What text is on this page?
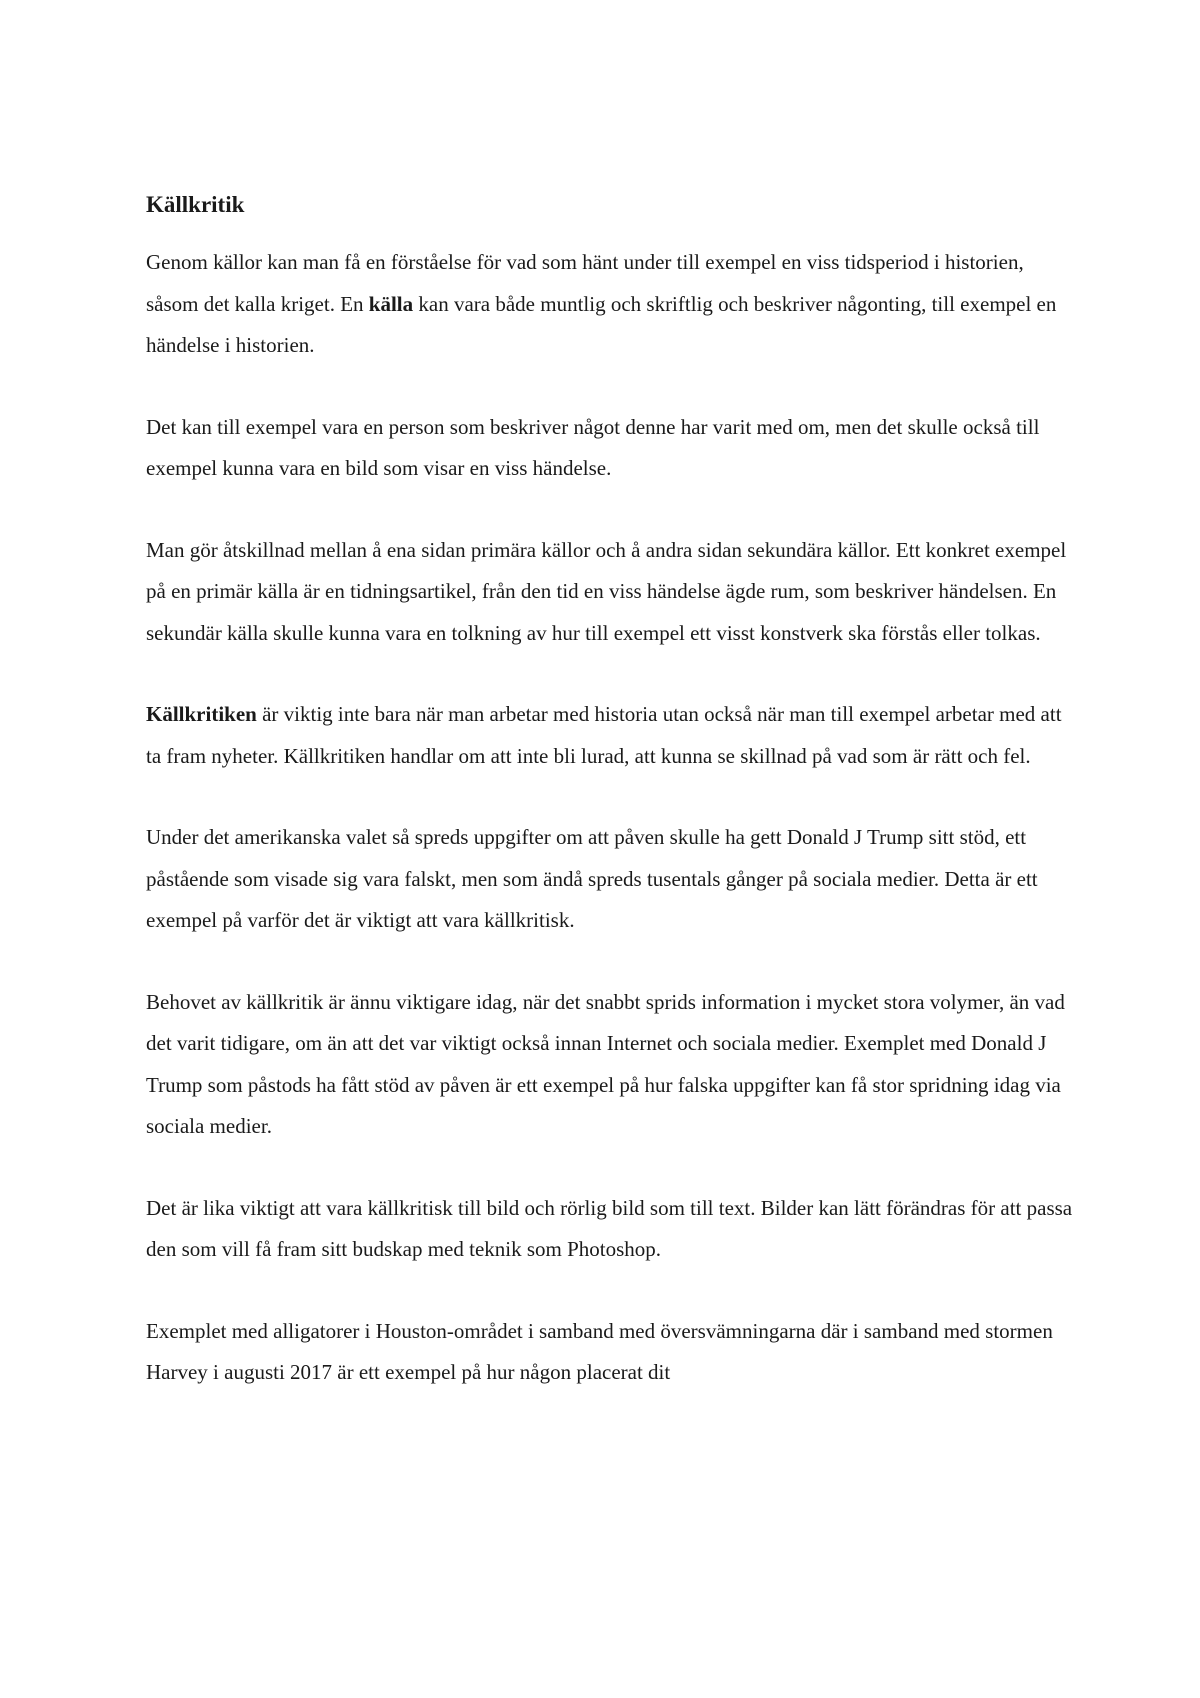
Källkritik

Genom källor kan man få en förståelse för vad som hänt under till exempel en viss tidsperiod i historien, såsom det kalla kriget. En källa kan vara både muntlig och skriftlig och beskriver någonting, till exempel en händelse i historien.

Det kan till exempel vara en person som beskriver något denne har varit med om, men det skulle också till exempel kunna vara en bild som visar en viss händelse.

Man gör åtskillnad mellan å ena sidan primära källor och å andra sidan sekundära källor. Ett konkret exempel på en primär källa är en tidningsartikel, från den tid en viss händelse ägde rum, som beskriver händelsen. En sekundär källa skulle kunna vara en tolkning av hur till exempel ett visst konstverk ska förstås eller tolkas.

Källkritiken är viktig inte bara när man arbetar med historia utan också när man till exempel arbetar med att ta fram nyheter. Källkritiken handlar om att inte bli lurad, att kunna se skillnad på vad som är rätt och fel.

Under det amerikanska valet så spreds uppgifter om att påven skulle ha gett Donald J Trump sitt stöd, ett påstående som visade sig vara falskt, men som ändå spreds tusentals gånger på sociala medier. Detta är ett exempel på varför det är viktigt att vara källkritisk.

Behovet av källkritik är ännu viktigare idag, när det snabbt sprids information i mycket stora volymer, än vad det varit tidigare, om än att det var viktigt också innan Internet och sociala medier. Exemplet med Donald J Trump som påstods ha fått stöd av påven är ett exempel på hur falska uppgifter kan få stor spridning idag via sociala medier.

Det är lika viktigt att vara källkritisk till bild och rörlig bild som till text. Bilder kan lätt förändras för att passa den som vill få fram sitt budskap med teknik som Photoshop.

Exemplet med alligatorer i Houston-området i samband med översvämningarna där i samband med stormen Harvey i augusti 2017 är ett exempel på hur någon placerat dit
